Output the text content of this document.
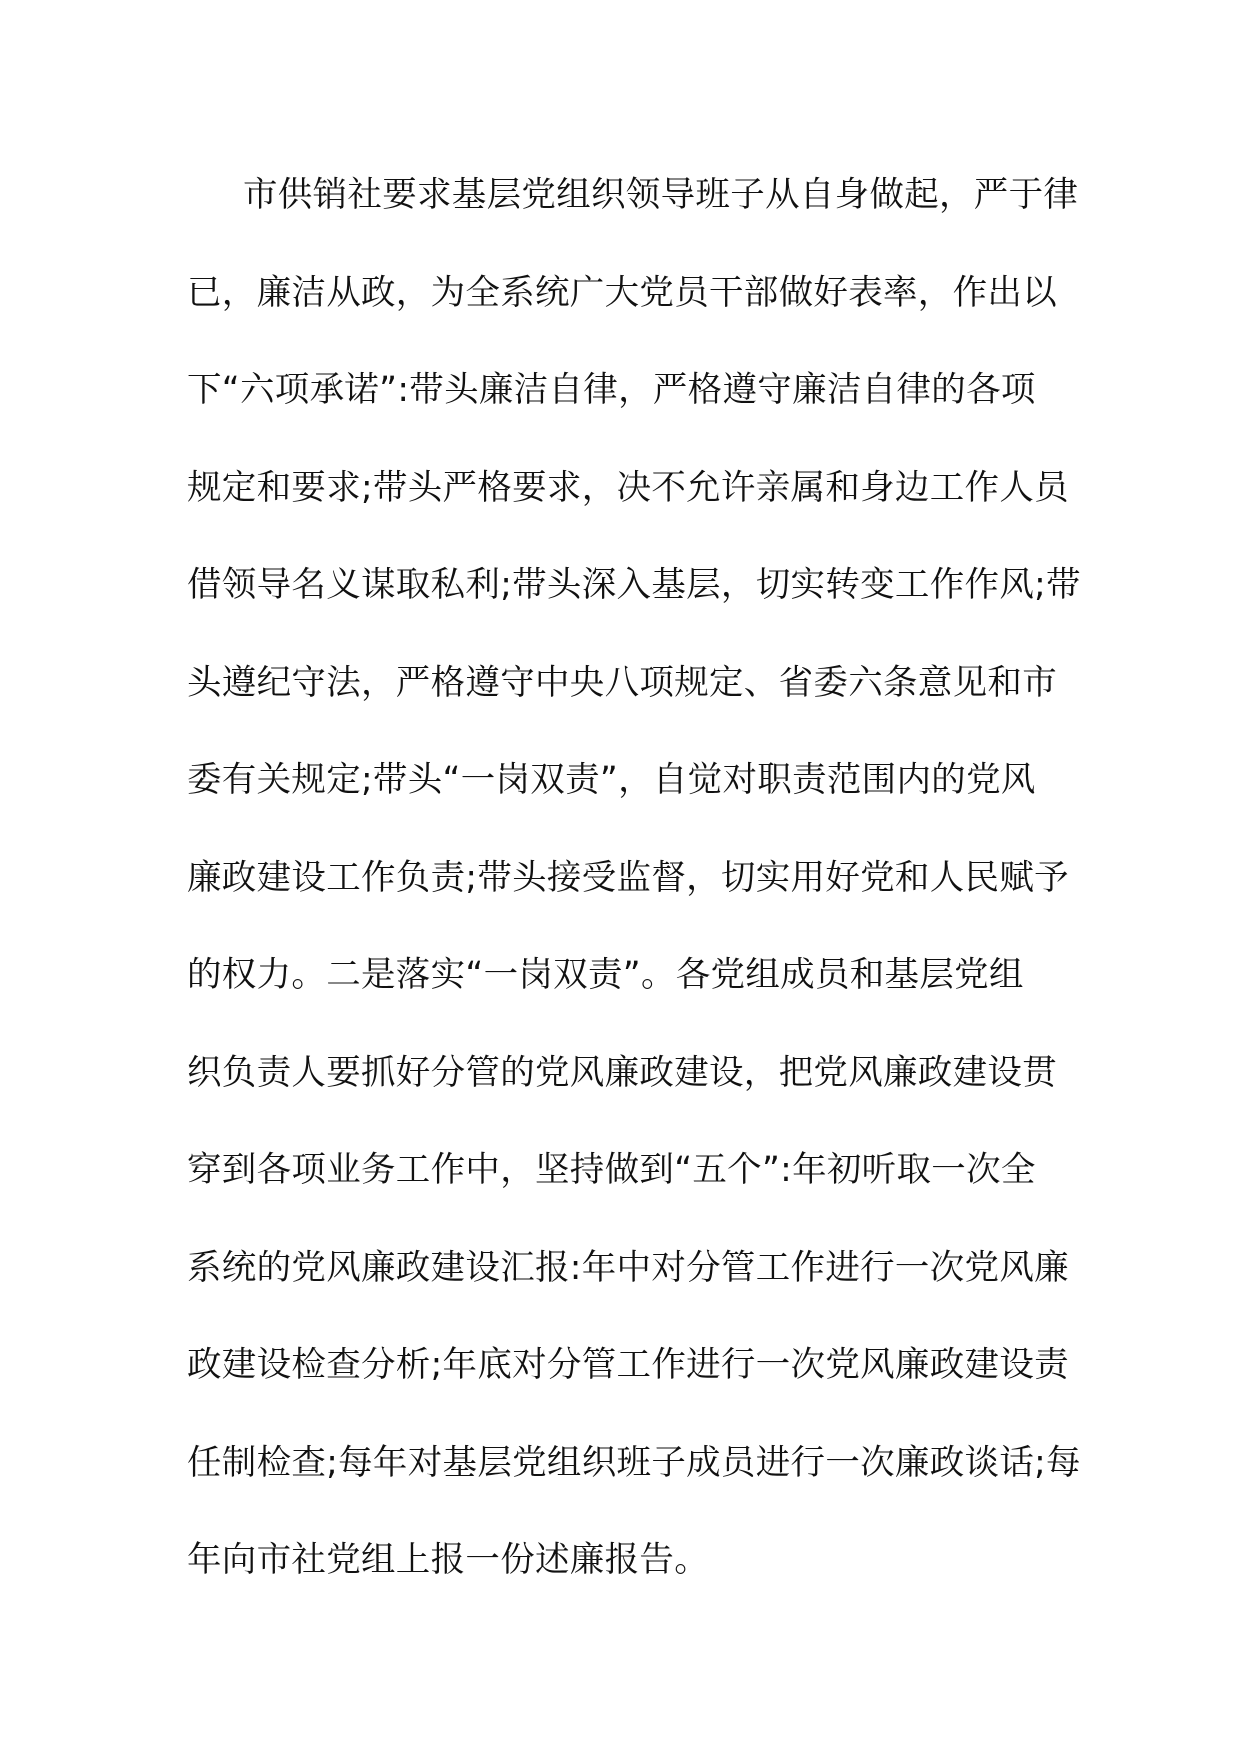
市供销社要求基层党组织领导班子从自身做起，严于律
已，廉洁从政，为全系统广大党员干部做好表率，作出以
下“六项承诺”:带头廉洁自律，严格遵守廉洁自律的各项
规定和要求;带头严格要求，决不允许亲属和身边工作人员
借领导名义谋取私利;带头深入基层，切实转变工作作风;带
头遵纪守法，严格遵守中央八项规定、省委六条意见和市
委有关规定;带头“一岗双责”，自觉对职责范围内的党风
廉政建设工作负责;带头接受监督，切实用好党和人民赋予
的权力。二是落实“一岗双责”。各党组成员和基层党组
织负责人要抓好分管的党风廉政建设，把党风廉政建设贯
穿到各项业务工作中，坚持做到“五个”:年初听取一次全
系统的党风廉政建设汇报:年中对分管工作进行一次党风廉
政建设检查分析;年底对分管工作进行一次党风廉政建设责
任制检查;每年对基层党组织班子成员进行一次廉政谈话;每
年向市社党组上报一份述廉报告。
